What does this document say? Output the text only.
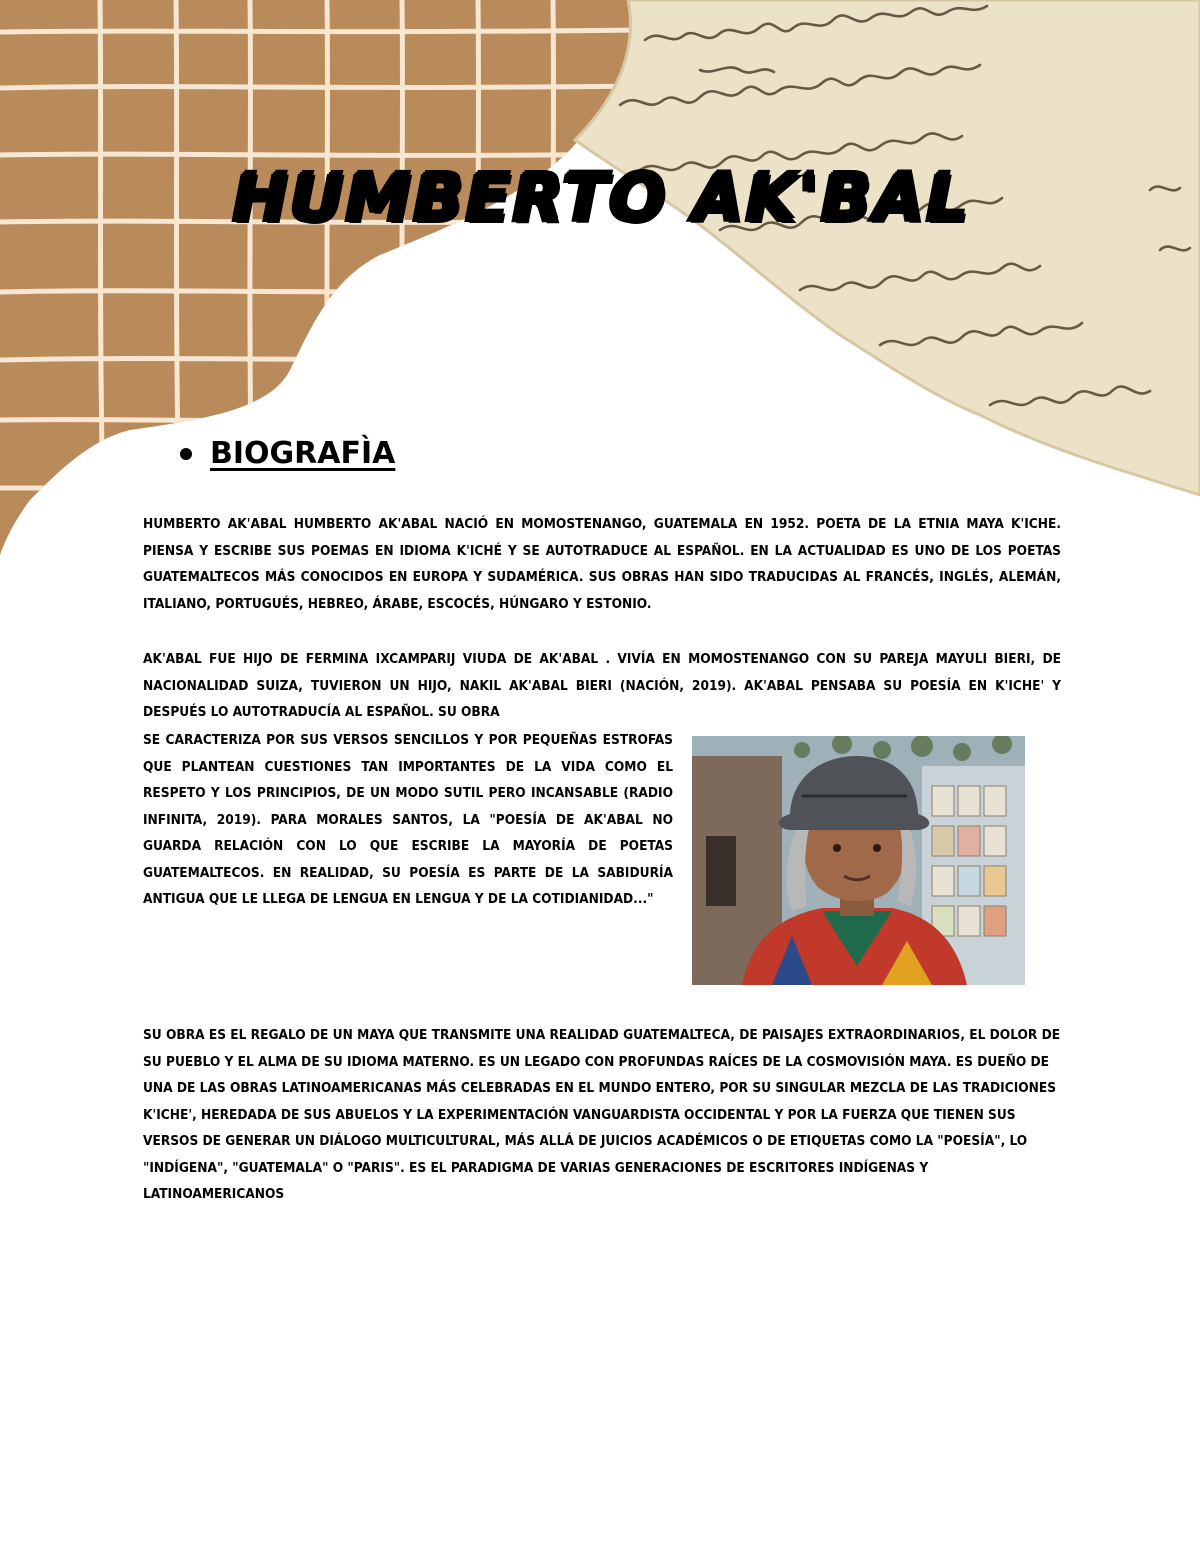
HUMBERTO AK'BAL
BIOGRAFÌA

HUMBERTO AK'ABAL HUMBERTO AK'ABAL NACIÓ EN MOMOSTENANGO, GUATEMALA EN 1952. POETA DE LA ETNIA MAYA K'ICHE. PIENSA Y ESCRIBE SUS POEMAS EN IDIOMA K'ICHÉ Y SE AUTOTRADUCE AL ESPAÑOL. EN LA ACTUALIDAD ES UNO DE LOS POETAS GUATEMALTECOS MÁS CONOCIDOS EN EUROPA Y SUDAMÉRICA. SUS OBRAS HAN SIDO TRADUCIDAS AL FRANCÉS, INGLÉS, ALEMÁN, ITALIANO, PORTUGUÉS, HEBREO, ÁRABE, ESCOCÉS, HÚNGARO Y ESTONIO.

AK'ABAL FUE HIJO DE FERMINA IXCAMPARIJ VIUDA DE AK'ABAL . VIVÍA EN MOMOSTENANGO CON SU PAREJA MAYULI BIERI, DE NACIONALIDAD SUIZA, TUVIERON UN HIJO, NAKIL AK'ABAL BIERI (NACIÓN, 2019). AK'ABAL PENSABA SU POESÍA EN K'ICHE' Y DESPUÉS LO AUTOTRADUCÍA AL ESPAÑOL. SU OBRA

SE CARACTERIZA POR SUS VERSOS SENCILLOS Y POR PEQUEÑAS ESTROFAS QUE PLANTEAN CUESTIONES TAN IMPORTANTES DE LA VIDA COMO EL RESPETO Y LOS PRINCIPIOS, DE UN MODO SUTIL PERO INCANSABLE (RADIO INFINITA, 2019). PARA MORALES SANTOS, LA "POESÍA DE AK'ABAL NO GUARDA RELACIÓN CON LO QUE ESCRIBE LA MAYORÍA DE POETAS GUATEMALTECOS. EN REALIDAD, SU POESÍA ES PARTE DE LA SABIDURÍA ANTIGUA QUE LE LLEGA DE LENGUA EN LENGUA Y DE LA COTIDIANIDAD..."

SU OBRA ES EL REGALO DE UN MAYA QUE TRANSMITE UNA REALIDAD GUATEMALTECA, DE PAISAJES EXTRAORDINARIOS, EL DOLOR DE SU PUEBLO Y EL ALMA DE SU IDIOMA MATERNO. ES UN LEGADO CON PROFUNDAS RAÍCES DE LA COSMOVISIÓN MAYA. ES DUEÑO DE UNA DE LAS OBRAS LATINOAMERICANAS MÁS CELEBRADAS EN EL MUNDO ENTERO, POR SU SINGULAR MEZCLA DE LAS TRADICIONES K'ICHE', HEREDADA DE SUS ABUELOS Y LA EXPERIMENTACIÓN VANGUARDISTA OCCIDENTAL Y POR LA FUERZA QUE TIENEN SUS VERSOS DE GENERAR UN DIÁLOGO MULTICULTURAL, MÁS ALLÁ DE JUICIOS ACADÉMICOS O DE ETIQUETAS COMO LA "POESÍA", LO "INDÍGENA", "GUATEMALA" O "PARIS". ES EL PARADIGMA DE VARIAS GENERACIONES DE ESCRITORES INDÍGENAS Y LATINOAMERICANOS
